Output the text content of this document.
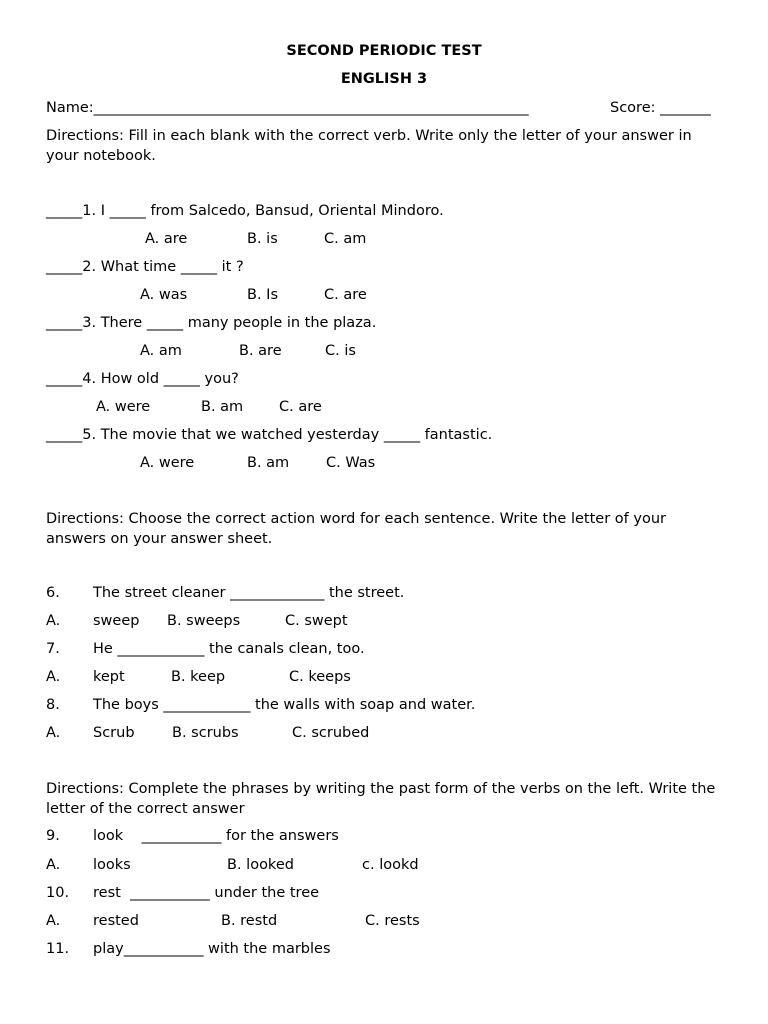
SECOND PERIODIC TEST
ENGLISH 3
Name:____________________________________________________________	Score: _______
Directions: Fill in each blank with the correct verb. Write only the letter of your answer in your notebook.
_____1. I _____ from Salcedo, Bansud, Oriental Mindoro.
A. are	B. is	C. am
_____2. What time _____ it ?
A. was	B. Is	C. are
_____3. There _____ many people in the plaza.
A. am	B. are	C. is
_____4. How old _____ you?
A. were	B. am C. are
_____5. The movie that we watched yesterday _____ fantastic.
A. were	B. am	C. Was
Directions: Choose the correct action word for each sentence. Write the letter of your answers on your answer sheet.
6. The street cleaner _____________ the street.
A. sweep B. sweeps	C. swept
7. He ____________ the canals clean, too.
A. kept	B. keep	C. keeps
8. The boys ____________ the walls with soap and water.
A. Scrub	B. scrubs	C. scrubed
Directions: Complete the phrases by writing the past form of the verbs on the left. Write the letter of the correct answer
9. look    ___________ for the answers
A. looks	B. looked	c. lookd
10. rest  ___________ under the tree
A. rested	B. restd	C. rests
11. play___________ with the marbles
